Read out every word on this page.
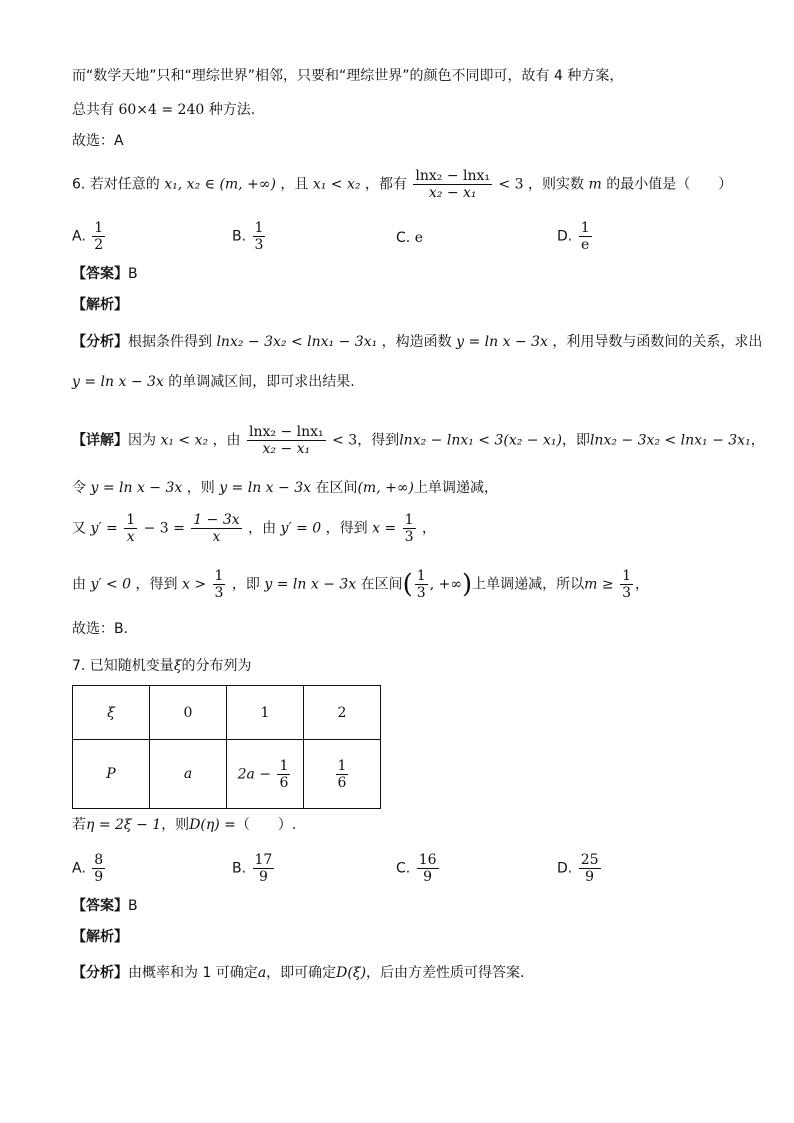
而“数学天地”只和“理综世界”相邻，只要和“理综世界”的颜色不同即可，故有 4 种方案，
总共有 60×4 = 240 种方法.
故选：A
6. 若对任意的 x₁, x₂ ∈ (m, +∞) ，且 x₁ < x₂ ，都有 $\frac{\text{lnx₂ − lnx₁}}{\text{x₂ − x₁}} < 3$ ，则实数 m 的最小值是（　　）
A. $\frac{1}{2}$	B. $\frac{1}{3}$	C. e	D. $\frac{1}{e}$
【答案】B
【解析】
【分析】根据条件得到 lnx₂ − 3x₂ < lnx₁ − 3x₁ ，构造函数 y = ln x − 3x ，利用导数与函数间的关系，求出
y = ln x − 3x 的单调减区间，即可求出结果.
【详解】因为 x₁ < x₂ ，由 $\frac{\text{lnx₂ − lnx₁}}{\text{x₂ − x₁}} < 3$，得到lnx₂ − lnx₁ < 3(x₂ − x₁)，即lnx₂ − 3x₂ < lnx₁ − 3x₁，
令 y = ln x − 3x ，则 y = ln x − 3x 在区间(m, +∞)上单调递减，
又 $y' = \frac{1}{x} - 3 = \frac{1 - 3x}{x}$ ，由 y′ = 0 ，得到 $x = \frac{1}{3}$ ，
由 y′ < 0 ，得到 $x > \frac{1}{3}$ ，即 y = ln x − 3x 在区间( $\frac{1}{3}$ , +∞)上单调递减，所以$m \ge \frac{1}{3}$ ，
故选：B.
7. 已知随机变量ξ的分布列为
ξ	0	1	2
P	a	$2a - \frac{1}{6}$	$\frac{1}{6}$
若η = 2ξ − 1，则D(η) =（　　）.
A. $\frac{8}{9}$	B. $\frac{17}{9}$	C. $\frac{16}{9}$	D. $\frac{25}{9}$
【答案】B
【解析】
【分析】由概率和为 1 可确定a，即可确定D(ξ)，后由方差性质可得答案.
